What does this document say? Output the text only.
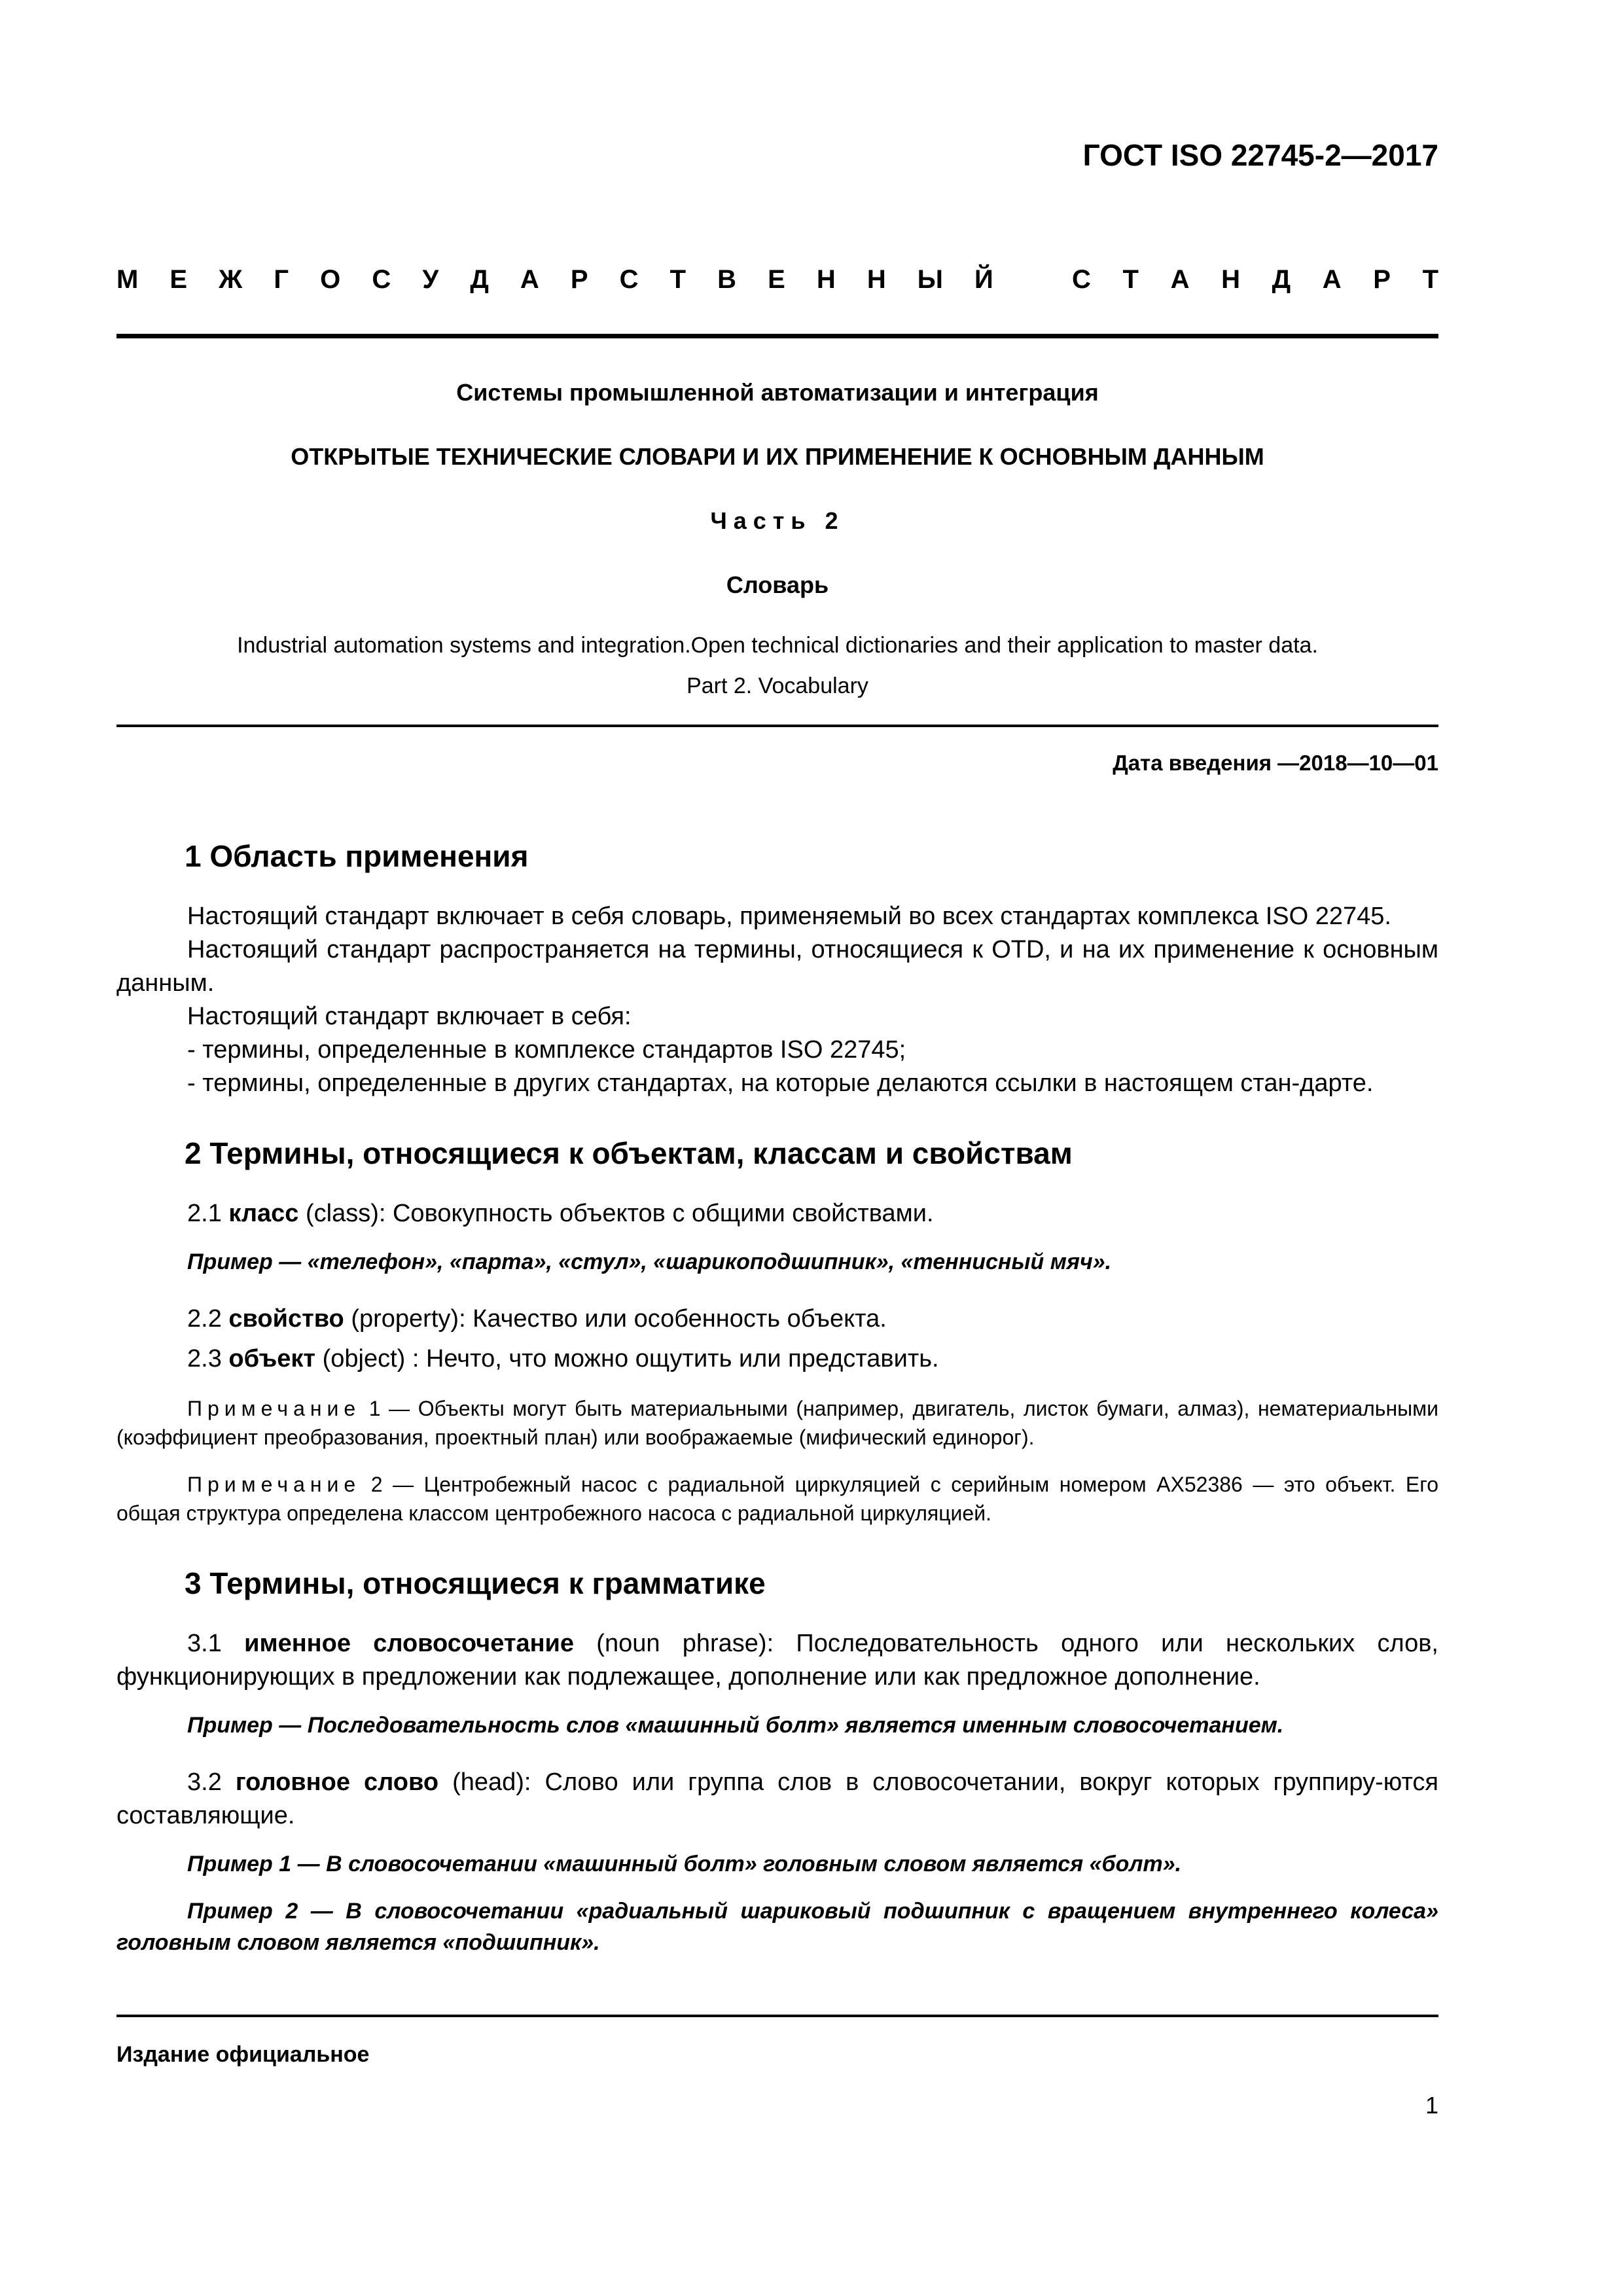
ГОСТ ISO 22745-2—2017
М Е Ж Г О С У Д А Р С Т В Е Н Н Ы Й	С Т А Н Д А Р Т
Системы промышленной автоматизации и интеграция
ОТКРЫТЫЕ ТЕХНИЧЕСКИЕ СЛОВАРИ И ИХ ПРИМЕНЕНИЕ К ОСНОВНЫМ ДАННЫМ
Часть 2
Словарь
Industrial automation systems and integration.Open technical dictionaries and their application to master data.
Part 2. Vocabulary
Дата введения —2018—10—01
1 Область применения

Настоящий стандарт включает в себя словарь, применяемый во всех стандартах комплекса ISO 22745.

Настоящий стандарт распространяется на термины, относящиеся к OTD, и на их применение к основным данным.

Настоящий стандарт включает в себя:

- термины, определенные в комплексе стандартов ISO 22745;

- термины, определенные в других стандартах, на которые делаются ссылки в настоящем стан-дарте.

2 Термины, относящиеся к объектам, классам и свойствам

2.1 класс (class): Совокупность объектов с общими свойствами.

Пример — «телефон», «парта», «стул», «шарикоподшипник», «теннисный мяч».

2.2 свойство (property): Качество или особенность объекта.

2.3 объект (object) : Нечто, что можно ощутить или представить.

Примечание 1 — Объекты могут быть материальными (например, двигатель, листок бумаги, алмаз), нематериальными (коэффициент преобразования, проектный план) или воображаемые (мифический единорог).

Примечание 2 — Центробежный насос с радиальной циркуляцией с серийным номером AX52386 — это объект. Его общая структура определена классом центробежного насоса с радиальной циркуляцией.

3 Термины, относящиеся к грамматике

3.1 именное словосочетание (noun phrase): Последовательность одного или нескольких слов, функционирующих в предложении как подлежащее, дополнение или как предложное дополнение.

Пример — Последовательность слов «машинный болт» является именным словосочетанием.

3.2 головное слово (head): Слово или группа слов в словосочетании, вокруг которых группиру-ются составляющие.

Пример 1 — В словосочетании «машинный болт» головным словом является «болт».

Пример 2 — В словосочетании «радиальный шариковый подшипник с вращением внутреннего колеса» головным словом является «подшипник».

Издание официальное
1
